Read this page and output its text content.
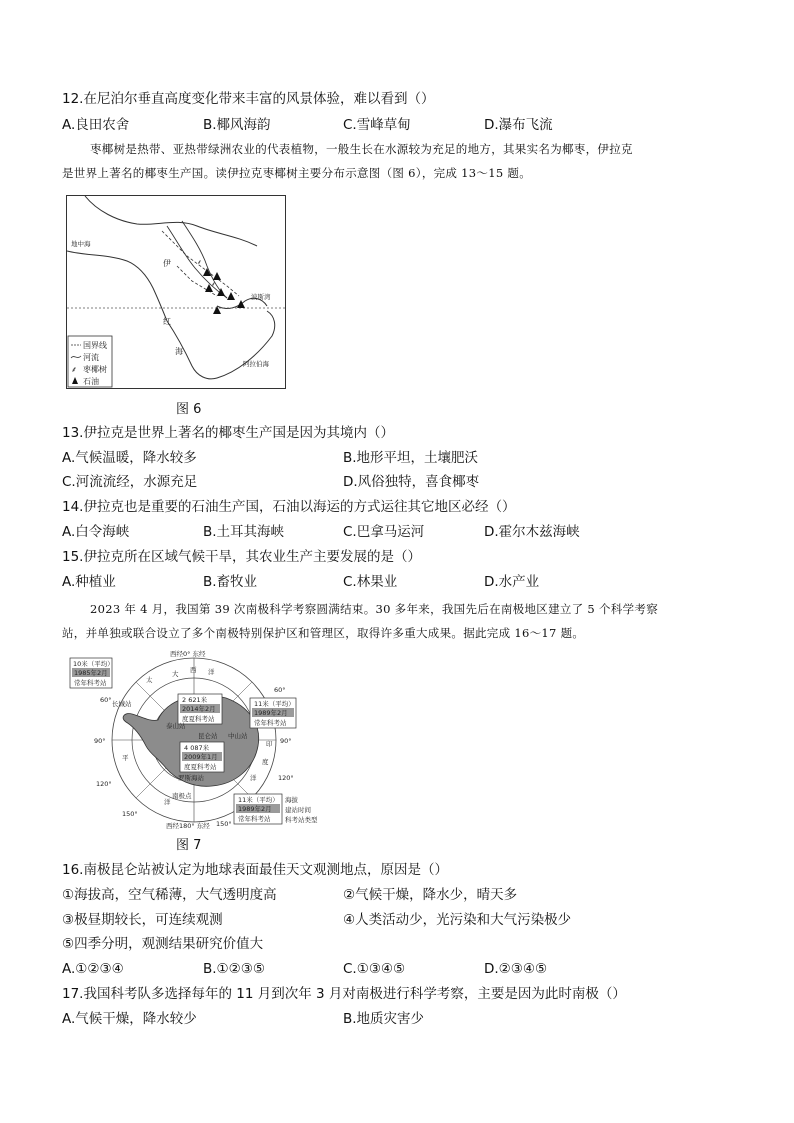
12.在尼泊尔垂直高度变化带来丰富的风景体验，难以看到（）
A.良田农舍	B.椰风海韵	C.雪峰草甸	D.瀑布飞流
枣椰树是热带、亚热带绿洲农业的代表植物，一般生长在水源较为充足的地方，其果实名为椰枣，伊拉克
是世界上著名的椰枣生产国。读伊拉克枣椰树主要分布示意图（图 6），完成 13～15 题。
⸙
⸙
地中海
伊
波斯湾
红
海
阿拉伯海
国界线
河流
⸙ 枣椰树
石油
图 6
13.伊拉克是世界上著名的椰枣生产国是因为其境内（）
A.气候温暖，降水较多	B.地形平坦，土壤肥沃
C.河流流经，水源充足	D.风俗独特，喜食椰枣
14.伊拉克也是重要的石油生产国，石油以海运的方式运往其它地区必经（）
A.白令海峡	B.土耳其海峡	C.巴拿马运河	D.霍尔木兹海峡
15.伊拉克所在区域气候干旱，其农业生产主要发展的是（）
A.种植业	B.畜牧业	C.林果业	D.水产业
2023 年 4 月，我国第 39 次南极科学考察圆满结束。30 多年来，我国先后在南极地区建立了 5 个科学考察
站，并单独或联合设立了多个南极特别保护区和管理区，取得许多重大成果。据此完成 16～17 题。
10米（平均）
1985年2月
常年科考站
2 621米
2014年2月
度夏科考站
4 087米
2009年1月
度夏科考站
11米（平均）
1989年2月
常年科考站
11米（平均）
1989年2月
常年科考站
海拔
建站时间
科考站类型
长城站
泰山站
中山站
昆仑站
罗斯海站
南极点
大 西 洋
印
度
洋
太
平
洋
西经0° 东经
西经180° 东经
60°
90°
120°
150°
60°
90°
120°
150°
图 7
16.南极昆仑站被认定为地球表面最佳天文观测地点，原因是（）
①海拔高，空气稀薄，大气透明度高	②气候干燥，降水少，晴天多
③极昼期较长，可连续观测	④人类活动少，光污染和大气污染极少
⑤四季分明，观测结果研究价值大
A.①②③④	B.①②③⑤	C.①③④⑤	D.②③④⑤
17.我国科考队多选择每年的 11 月到次年 3 月对南极进行科学考察，主要是因为此时南极（）
A.气候干燥，降水较少	B.地质灾害少
